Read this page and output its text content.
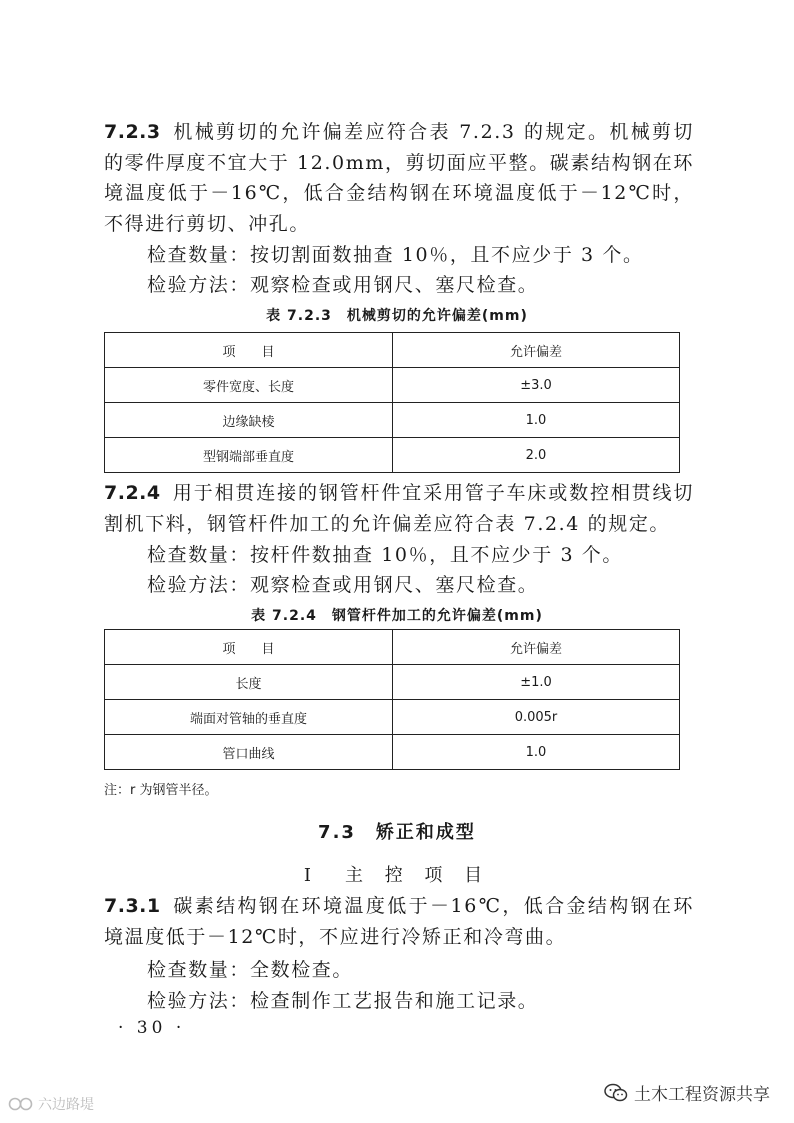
7.2.3 机械剪切的允许偏差应符合表 7.2.3 的规定。机械剪切的零件厚度不宜大于 12.0mm，剪切面应平整。碳素结构钢在环境温度低于－16℃，低合金结构钢在环境温度低于－12℃时，不得进行剪切、冲孔。

检查数量：按切割面数抽查 10％，且不应少于 3 个。

检验方法：观察检查或用钢尺、塞尺检查。

表 7.2.3　机械剪切的允许偏差(mm)
项　　目	允许偏差
零件宽度、长度	±3.0
边缘缺棱	1.0
型钢端部垂直度	2.0

7.2.4 用于相贯连接的钢管杆件宜采用管子车床或数控相贯线切割机下料，钢管杆件加工的允许偏差应符合表 7.2.4 的规定。

检查数量：按杆件数抽查 10％，且不应少于 3 个。

检验方法：观察检查或用钢尺、塞尺检查。

表 7.2.4　钢管杆件加工的允许偏差(mm)
项　　目	允许偏差
长度	±1.0
端面对管轴的垂直度	0.005r
管口曲线	1.0
注：r 为钢管半径。
7.3　矫正和成型
Ⅰ　主 控 项 目

7.3.1 碳素结构钢在环境温度低于－16℃，低合金结构钢在环境温度低于－12℃时，不应进行冷矫正和冷弯曲。

检查数量：全数检查。

检验方法：检查制作工艺报告和施工记录。

· 30 ·
土木工程资源共享
六边路堤
